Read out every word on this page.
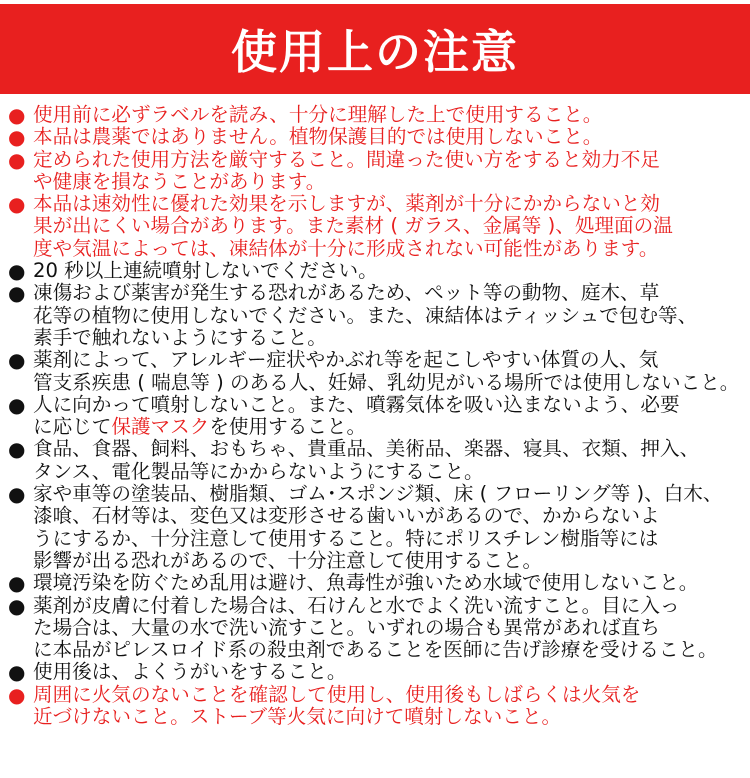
使用上の注意
● 使用前に必ずラベルを読み、十分に理解した上で使用すること。
● 本品は農薬ではありません。植物保護目的では使用しないこと。
● 定められた使用方法を厳守すること。間違った使い方をすると効力不足
や健康を損なうことがあります。
● 本品は速効性に優れた効果を示しますが、薬剤が十分にかからないと効
果が出にくい場合があります。また素材 ( ガラス、金属等 )、処理面の温
度や気温によっては、凍結体が十分に形成されない可能性があります。
● 20 秒以上連続噴射しないでください。
● 凍傷および薬害が発生する恐れがあるため、ペット等の動物、庭木、草
花等の植物に使用しないでください。また、凍結体はティッシュで包む等、
素手で触れないようにすること。
● 薬剤によって、アレルギー症状やかぶれ等を起こしやすい体質の人、気
管支系疾患 ( 喘息等 ) のある人、妊婦、乳幼児がいる場所では使用しないこと。
● 人に向かって噴射しないこと。また、噴霧気体を吸い込まないよう、必要
に応じて保護マスクを使用すること。
● 食品、食器、飼料、おもちゃ、貴重品、美術品、楽器、寝具、衣類、押入、
タンス、電化製品等にかからないようにすること。
● 家や車等の塗装品、樹脂類、ゴム･スポンジ類、床 ( フローリング等 )、白木、
漆喰、石材等は、変色又は変形させる歯いいがあるので、かからないよ
うにするか、十分注意して使用すること。特にポリスチレン樹脂等には
影響が出る恐れがあるので、十分注意して使用すること。
● 環境汚染を防ぐため乱用は避け、魚毒性が強いため水域で使用しないこと。
● 薬剤が皮膚に付着した場合は、石けんと水でよく洗い流すこと。目に入っ
た場合は、大量の水で洗い流すこと。いずれの場合も異常があれば直ち
に本品がピレスロイド系の殺虫剤であることを医師に告げ診療を受けること。
● 使用後は、よくうがいをすること。
● 周囲に火気のないことを確認して使用し、使用後もしばらくは火気を
近づけないこと。ストーブ等火気に向けて噴射しないこと。
